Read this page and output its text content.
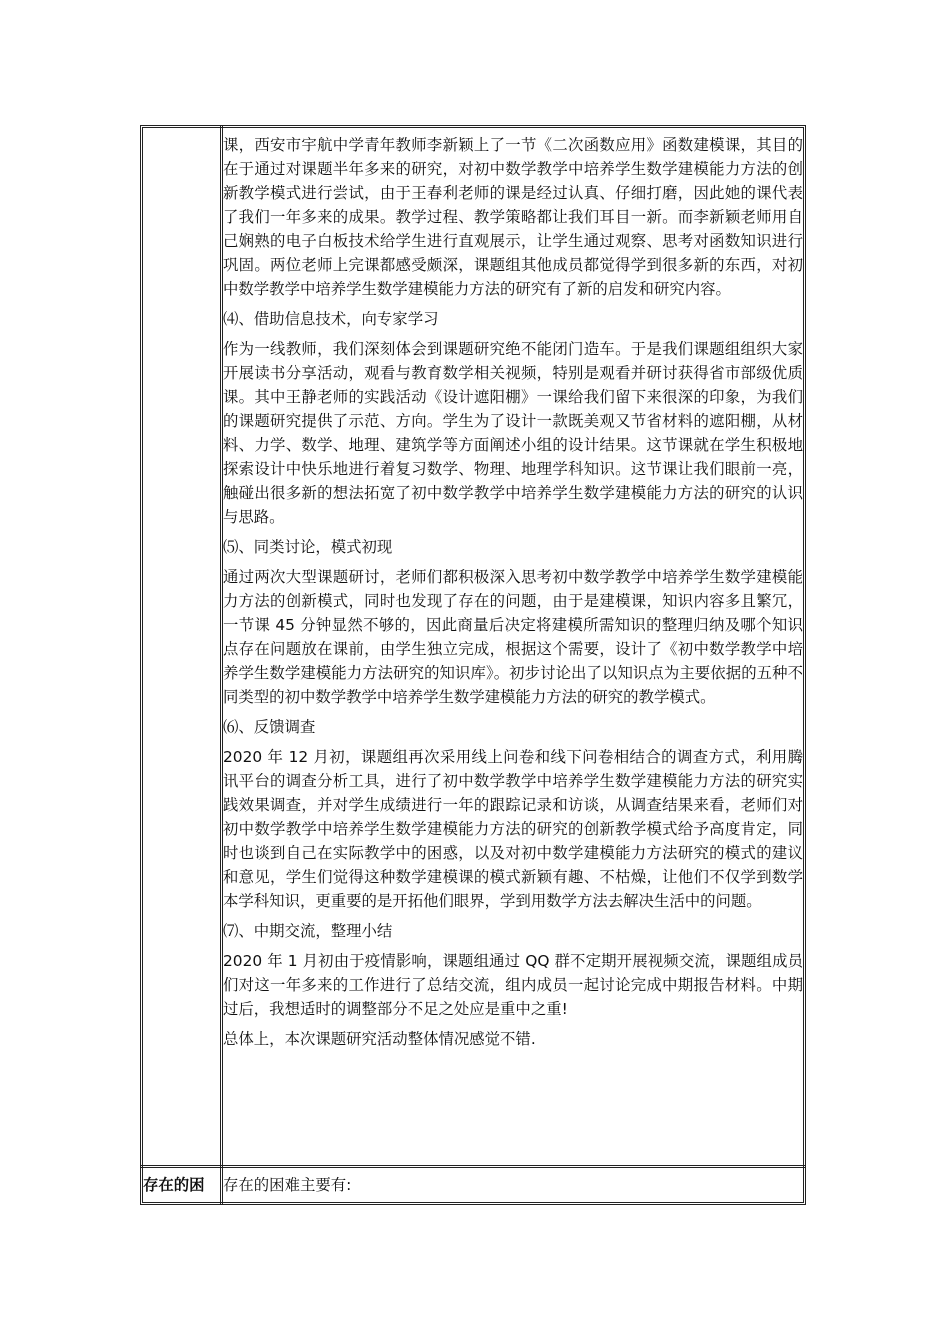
课，西安市宇航中学青年教师李新颖上了一节《二次函数应用》函数建模课，其目的在于通过对课题半年多来的研究，对初中数学教学中培养学生数学建模能力方法的创新教学模式进行尝试，由于王春利老师的课是经过认真、仔细打磨，因此她的课代表了我们一年多来的成果。教学过程、教学策略都让我们耳目一新。而李新颖老师用自己娴熟的电子白板技术给学生进行直观展示，让学生通过观察、思考对函数知识进行巩固。两位老师上完课都感受颇深，课题组其他成员都觉得学到很多新的东西，对初中数学教学中培养学生数学建模能力方法的研究有了新的启发和研究内容。

⑷、借助信息技术，向专家学习

作为一线教师，我们深刻体会到课题研究绝不能闭门造车。于是我们课题组组织大家开展读书分享活动，观看与教育数学相关视频，特别是观看并研讨获得省市部级优质课。其中王静老师的实践活动《设计遮阳棚》一课给我们留下来很深的印象，为我们的课题研究提供了示范、方向。学生为了设计一款既美观又节省材料的遮阳棚，从材料、力学、数学、地理、建筑学等方面阐述小组的设计结果。这节课就在学生积极地探索设计中快乐地进行着复习数学、物理、地理学科知识。这节课让我们眼前一亮，触碰出很多新的想法拓宽了初中数学教学中培养学生数学建模能力方法的研究的认识与思路。

⑸、同类讨论，模式初现

通过两次大型课题研讨，老师们都积极深入思考初中数学教学中培养学生数学建模能力方法的创新模式，同时也发现了存在的问题，由于是建模课，知识内容多且繁冗，一节课 45 分钟显然不够的，因此商量后决定将建模所需知识的整理归纳及哪个知识点存在问题放在课前，由学生独立完成，根据这个需要，设计了《初中数学教学中培养学生数学建模能力方法研究的知识库》。初步讨论出了以知识点为主要依据的五种不同类型的初中数学教学中培养学生数学建模能力方法的研究的教学模式。

⑹、反馈调查

2020 年 12 月初，课题组再次采用线上问卷和线下问卷相结合的调查方式，利用腾讯平台的调查分析工具，进行了初中数学教学中培养学生数学建模能力方法的研究实践效果调查，并对学生成绩进行一年的跟踪记录和访谈，从调查结果来看，老师们对初中数学教学中培养学生数学建模能力方法的研究的创新教学模式给予高度肯定，同时也谈到自己在实际教学中的困惑，以及对初中数学建模能力方法研究的模式的建议和意见，学生们觉得这种数学建模课的模式新颖有趣、不枯燥，让他们不仅学到数学本学科知识，更重要的是开拓他们眼界，学到用数学方法去解决生活中的问题。

⑺、中期交流，整理小结

2020 年 1 月初由于疫情影响，课题组通过 QQ 群不定期开展视频交流，课题组成员们对这一年多来的工作进行了总结交流，组内成员一起讨论完成中期报告材料。中期过后，我想适时的调整部分不足之处应是重中之重!

总体上，本次课题研究活动整体情况感觉不错.

存在的困	存在的困难主要有:
